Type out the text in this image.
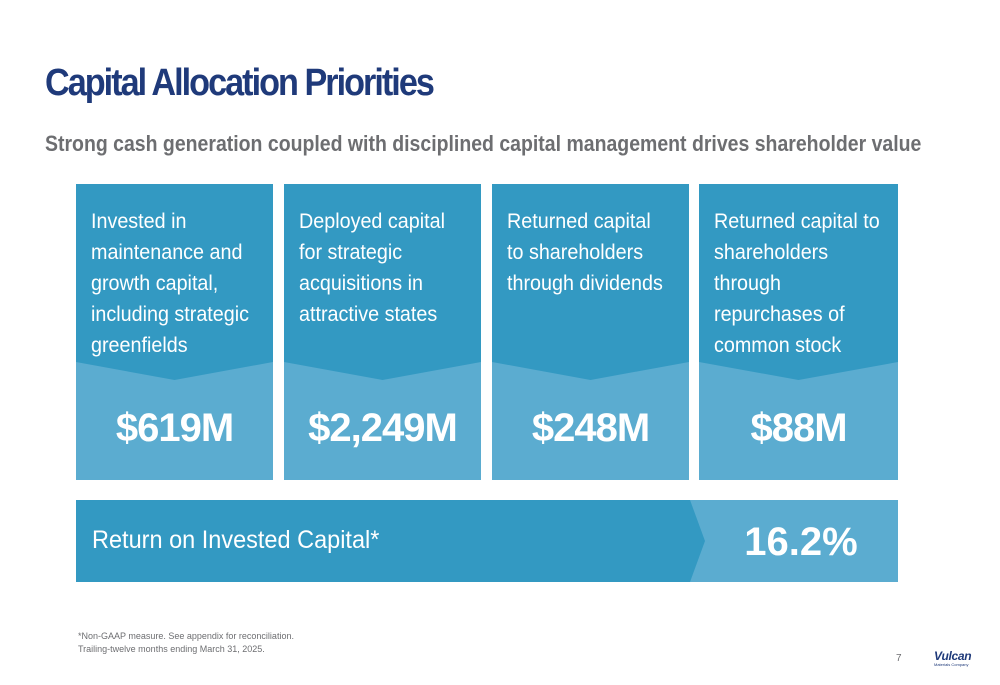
Capital Allocation Priorities
Strong cash generation coupled with disciplined capital management drives shareholder value
Invested in maintenance and growth capital, including strategic greenfields
$619M
Deployed capital for strategic acquisitions in attractive states
$2,249M
Returned capital to shareholders through dividends
$248M
Returned capital to shareholders through repurchases of common stock
$88M
Return on Invested Capital*	16.2%
*Non-GAAP measure. See appendix for reconciliation.
Trailing-twelve months ending March 31, 2025.
7	Vulcan
Materials Company
